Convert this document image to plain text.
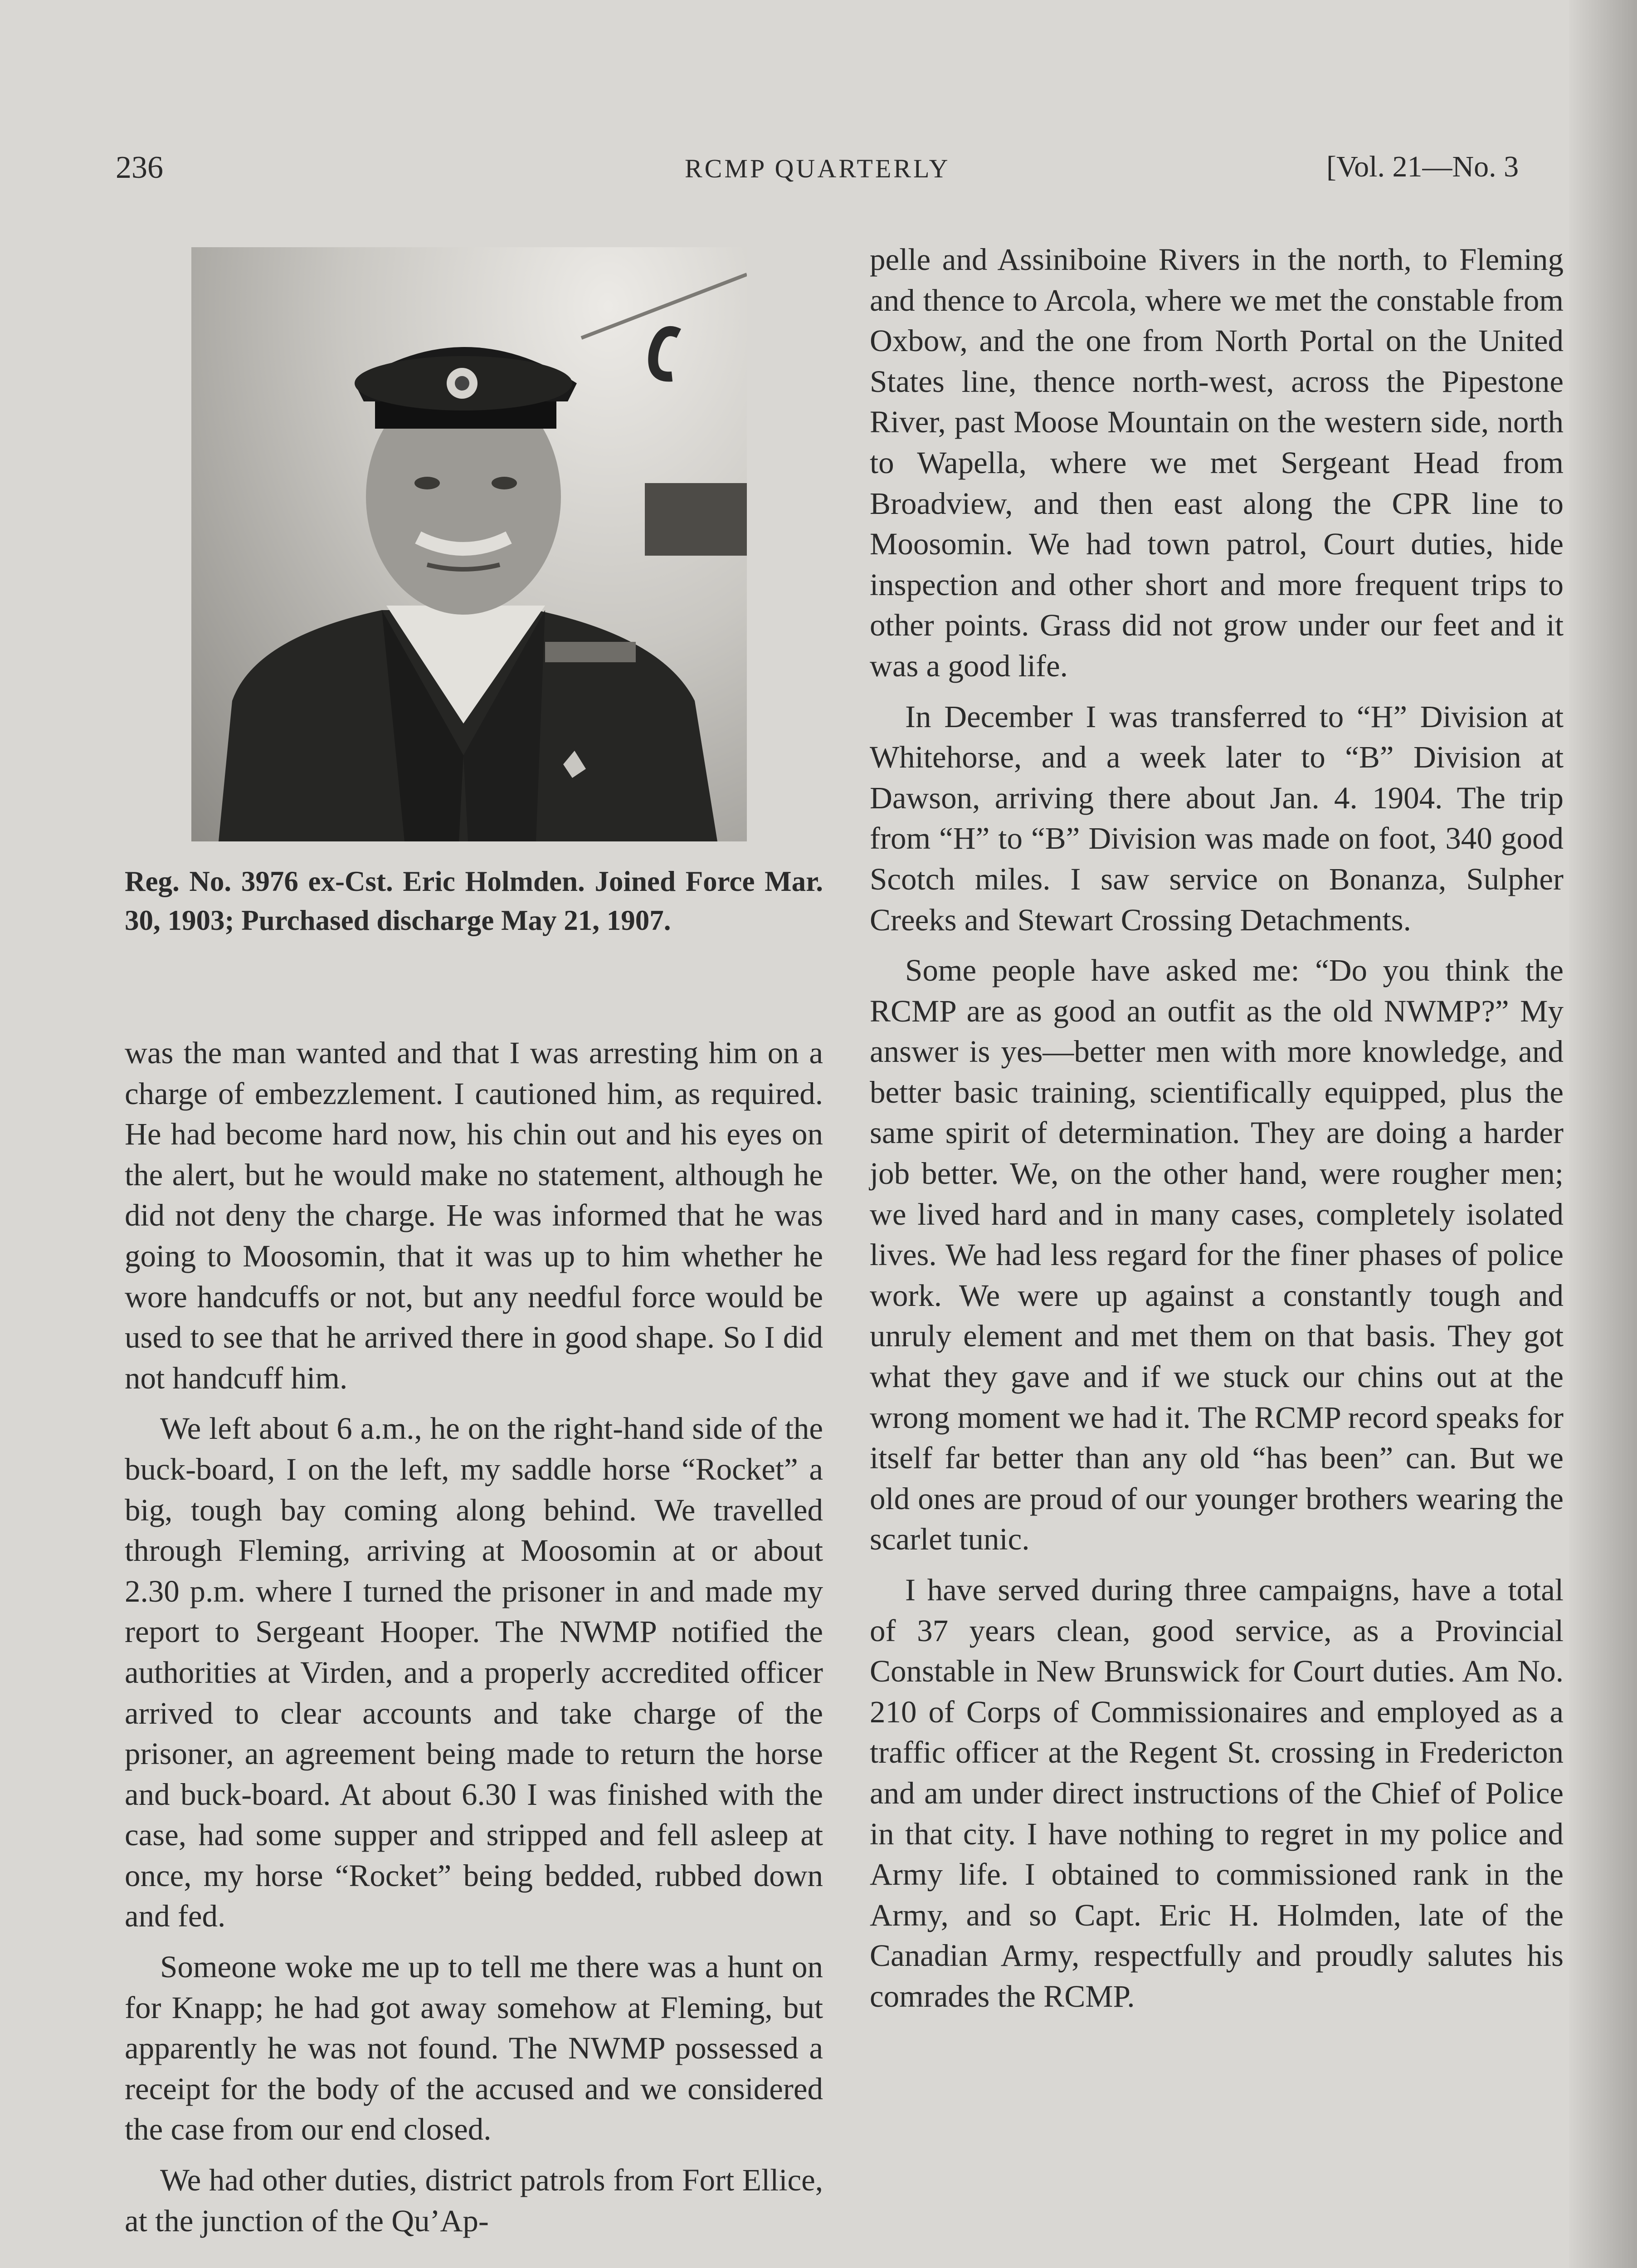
236	RCMP QUARTERLY	[Vol. 21—No. 3
Reg. No. 3976 ex-Cst. Eric Holmden. Joined Force Mar. 30, 1903; Purchased discharge May 21, 1907.

was the man wanted and that I was arresting him on a charge of embezzlement. I cautioned him, as required. He had become hard now, his chin out and his eyes on the alert, but he would make no statement, although he did not deny the charge. He was informed that he was going to Moosomin, that it was up to him whether he wore handcuffs or not, but any needful force would be used to see that he arrived there in good shape. So I did not handcuff him.

We left about 6 a.m., he on the right-hand side of the buck-board, I on the left, my saddle horse “Rocket” a big, tough bay coming along behind. We travelled through Fleming, arriving at Moosomin at or about 2.30 p.m. where I turned the prisoner in and made my report to Sergeant Hooper. The NWMP notified the authorities at Virden, and a properly accredited officer arrived to clear accounts and take charge of the prisoner, an agreement being made to return the horse and buck-board. At about 6.30 I was finished with the case, had some supper and stripped and fell asleep at once, my horse “Rocket” being bedded, rubbed down and fed.

Someone woke me up to tell me there was a hunt on for Knapp; he had got away somehow at Fleming, but apparently he was not found. The NWMP possessed a receipt for the body of the accused and we considered the case from our end closed.

We had other duties, district patrols from Fort Ellice, at the junction of the Qu’Ap-

pelle and Assiniboine Rivers in the north, to Fleming and thence to Arcola, where we met the constable from Oxbow, and the one from North Portal on the United States line, thence north-west, across the Pipestone River, past Moose Mountain on the western side, north to Wapella, where we met Sergeant Head from Broadview, and then east along the CPR line to Moosomin. We had town patrol, Court duties, hide inspection and other short and more frequent trips to other points. Grass did not grow under our feet and it was a good life.

In December I was transferred to “H” Division at Whitehorse, and a week later to “B” Division at Dawson, arriving there about Jan. 4. 1904. The trip from “H” to “B” Division was made on foot, 340 good Scotch miles. I saw service on Bonanza, Sulpher Creeks and Stewart Crossing Detachments.

Some people have asked me: “Do you think the RCMP are as good an outfit as the old NWMP?” My answer is yes—better men with more knowledge, and better basic training, scientifically equipped, plus the same spirit of determination. They are doing a harder job better. We, on the other hand, were rougher men; we lived hard and in many cases, completely isolated lives. We had less regard for the finer phases of police work. We were up against a constantly tough and unruly element and met them on that basis. They got what they gave and if we stuck our chins out at the wrong moment we had it. The RCMP record speaks for itself far better than any old “has been” can. But we old ones are proud of our younger brothers wearing the scarlet tunic.

I have served during three campaigns, have a total of 37 years clean, good service, as a Provincial Constable in New Brunswick for Court duties. Am No. 210 of Corps of Commissionaires and employed as a traffic officer at the Regent St. crossing in Fredericton and am under direct instructions of the Chief of Police in that city. I have nothing to regret in my police and Army life. I obtained to commissioned rank in the Army, and so Capt. Eric H. Holmden, late of the Canadian Army, respectfully and proudly salutes his comrades the RCMP.
